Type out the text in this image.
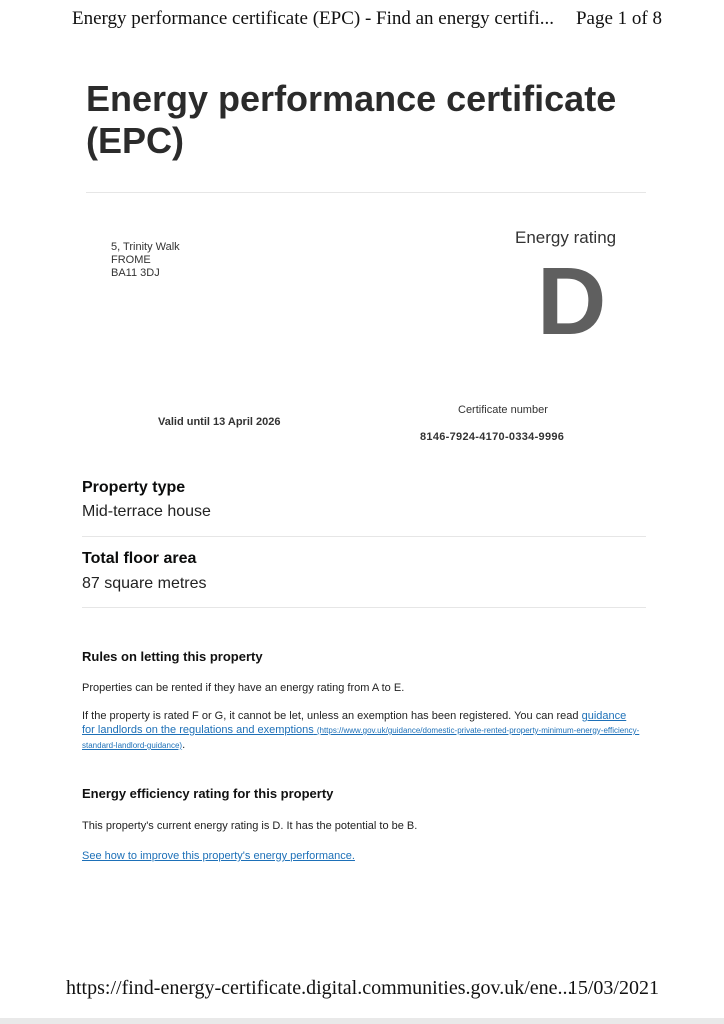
Energy performance certificate (EPC) - Find an energy certifi... Page 1 of 8
Energy performance certificate (EPC)
5, Trinity Walk
FROME
BA11 3DJ
Energy rating
D
Valid until 13 April 2026
Certificate number
8146-7924-4170-0334-9996
Property type
Mid-terrace house
Total floor area
87 square metres
Rules on letting this property
Properties can be rented if they have an energy rating from A to E.
If the property is rated F or G, it cannot be let, unless an exemption has been registered. You can read guidance for landlords on the regulations and exemptions (https://www.gov.uk/guidance/domestic-private-rented-property-minimum-energy-efficiency-standard-landlord-guidance).
Energy efficiency rating for this property
This property's current energy rating is D. It has the potential to be B.
See how to improve this property's energy performance.
https://find-energy-certificate.digital.communities.gov.uk/ene...
15/03/2021
